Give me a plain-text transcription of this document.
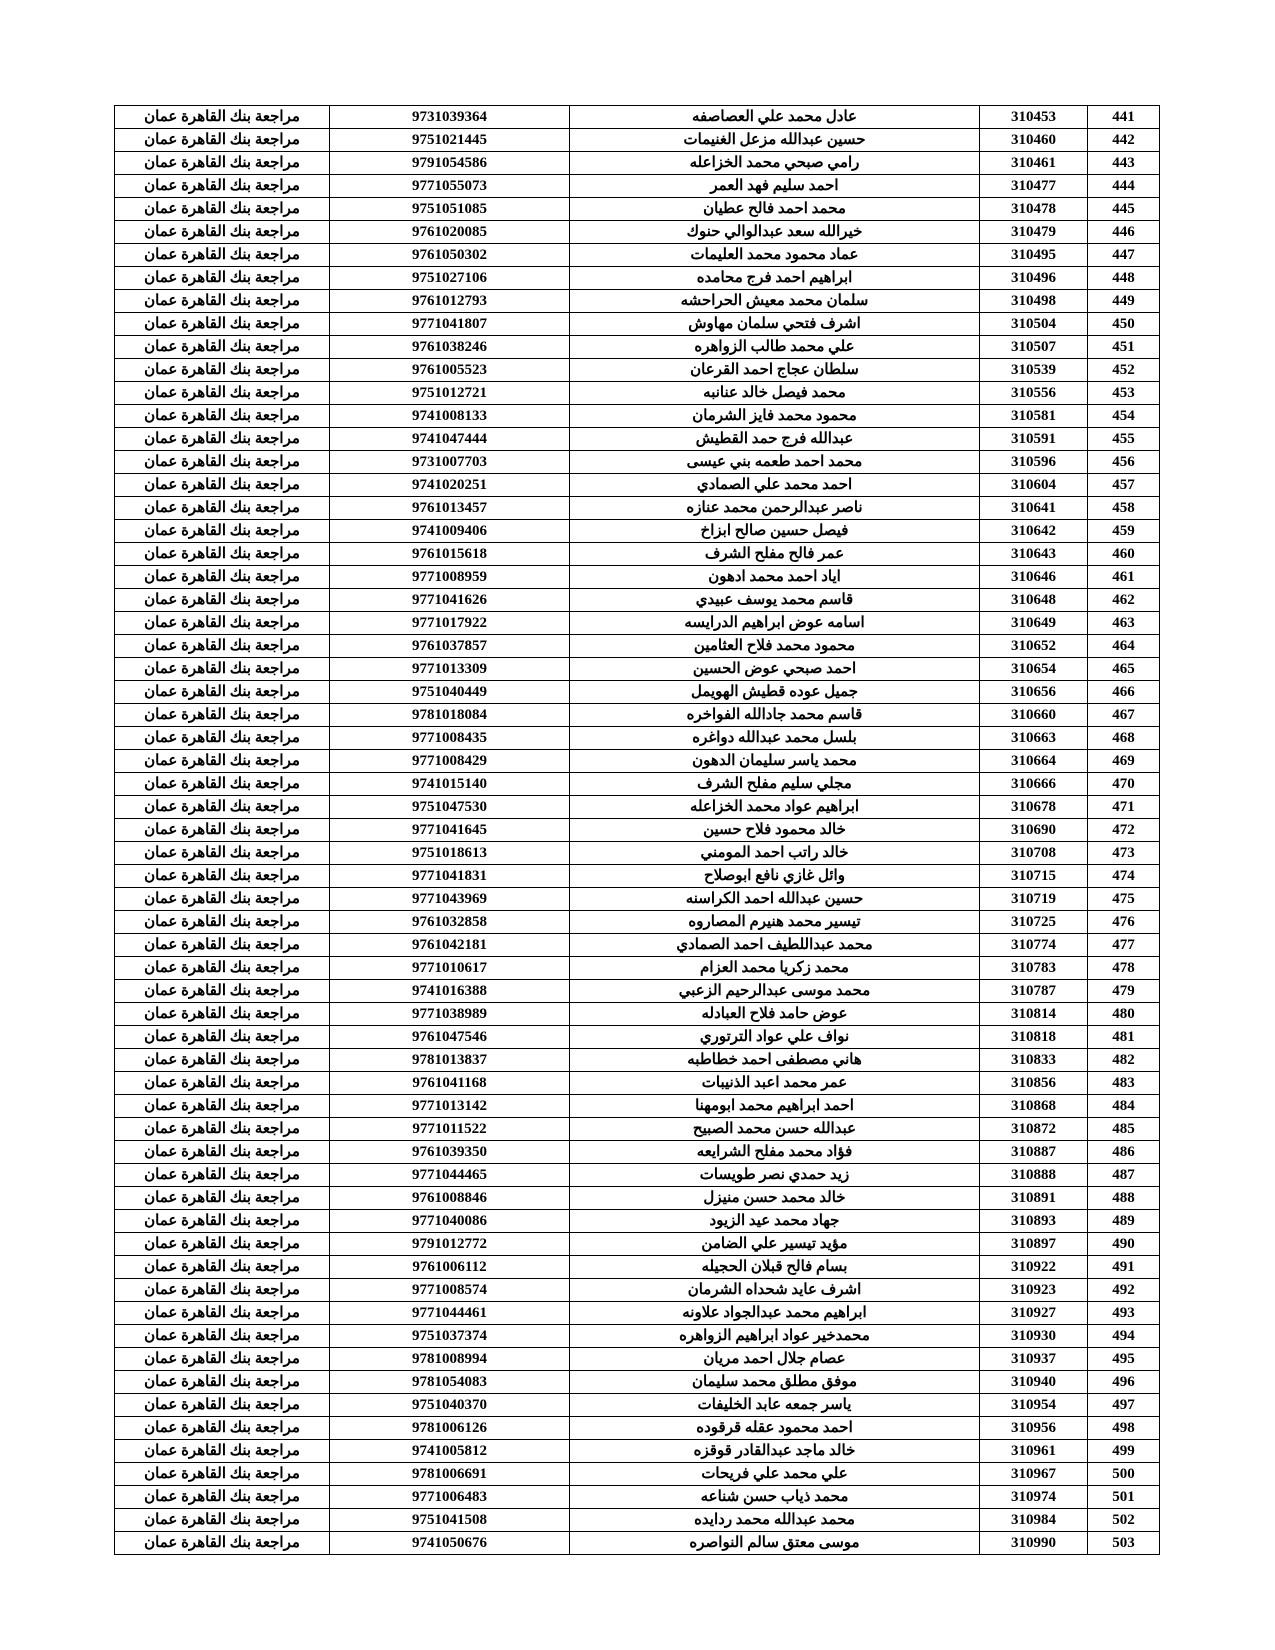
441	310453	عادل محمد علي العصاصفه	9731039364	مراجعة بنك القاهرة عمان
442	310460	حسين عبدالله مزعل الغنيمات	9751021445	مراجعة بنك القاهرة عمان
443	310461	رامي صبحي محمد الخزاعله	9791054586	مراجعة بنك القاهرة عمان
444	310477	احمد سليم فهد العمر	9771055073	مراجعة بنك القاهرة عمان
445	310478	محمد احمد فالح عطيان	9751051085	مراجعة بنك القاهرة عمان
446	310479	خيرالله سعد عبدالوالي حنوك	9761020085	مراجعة بنك القاهرة عمان
447	310495	عماد محمود محمد العليمات	9761050302	مراجعة بنك القاهرة عمان
448	310496	ابراهيم احمد فرج محامده	9751027106	مراجعة بنك القاهرة عمان
449	310498	سلمان محمد معيش الحراحشه	9761012793	مراجعة بنك القاهرة عمان
450	310504	اشرف فتحي سلمان مهاوش	9771041807	مراجعة بنك القاهرة عمان
451	310507	علي محمد طالب الزواهره	9761038246	مراجعة بنك القاهرة عمان
452	310539	سلطان عجاج احمد القرعان	9761005523	مراجعة بنك القاهرة عمان
453	310556	محمد فيصل خالد عنانبه	9751012721	مراجعة بنك القاهرة عمان
454	310581	محمود محمد فايز الشرمان	9741008133	مراجعة بنك القاهرة عمان
455	310591	عبدالله فرج حمد القطيش	9741047444	مراجعة بنك القاهرة عمان
456	310596	محمد احمد طعمه بني عيسى	9731007703	مراجعة بنك القاهرة عمان
457	310604	احمد محمد علي الصمادي	9741020251	مراجعة بنك القاهرة عمان
458	310641	ناصر عبدالرحمن محمد عنازه	9761013457	مراجعة بنك القاهرة عمان
459	310642	فيصل حسين صالح ابزاخ	9741009406	مراجعة بنك القاهرة عمان
460	310643	عمر فالح مفلح الشرف	9761015618	مراجعة بنك القاهرة عمان
461	310646	اياد احمد محمد ادهون	9771008959	مراجعة بنك القاهرة عمان
462	310648	قاسم محمد يوسف عبيدي	9771041626	مراجعة بنك القاهرة عمان
463	310649	اسامه عوض ابراهيم الدرايسه	9771017922	مراجعة بنك القاهرة عمان
464	310652	محمود محمد فلاح العثامين	9761037857	مراجعة بنك القاهرة عمان
465	310654	احمد صبحي عوض الحسين	9771013309	مراجعة بنك القاهرة عمان
466	310656	جميل عوده قطيش الهويمل	9751040449	مراجعة بنك القاهرة عمان
467	310660	قاسم محمد جادالله الفواخره	9781018084	مراجعة بنك القاهرة عمان
468	310663	بلسل محمد عبدالله دواغره	9771008435	مراجعة بنك القاهرة عمان
469	310664	محمد ياسر سليمان الدهون	9771008429	مراجعة بنك القاهرة عمان
470	310666	مجلي سليم مفلح الشرف	9741015140	مراجعة بنك القاهرة عمان
471	310678	ابراهيم عواد محمد الخزاعله	9751047530	مراجعة بنك القاهرة عمان
472	310690	خالد محمود فلاح حسين	9771041645	مراجعة بنك القاهرة عمان
473	310708	خالد راتب احمد المومني	9751018613	مراجعة بنك القاهرة عمان
474	310715	وائل غازي نافع ابوصلاح	9771041831	مراجعة بنك القاهرة عمان
475	310719	حسين عبدالله احمد الكراسنه	9771043969	مراجعة بنك القاهرة عمان
476	310725	تيسير محمد هنيرم المصاروه	9761032858	مراجعة بنك القاهرة عمان
477	310774	محمد عبداللطيف احمد الصمادي	9761042181	مراجعة بنك القاهرة عمان
478	310783	محمد زكريا محمد العزام	9771010617	مراجعة بنك القاهرة عمان
479	310787	محمد موسى عبدالرحيم الزعبي	9741016388	مراجعة بنك القاهرة عمان
480	310814	عوض حامد فلاح العبادله	9771038989	مراجعة بنك القاهرة عمان
481	310818	نواف علي عواد الترتوري	9761047546	مراجعة بنك القاهرة عمان
482	310833	هاني مصطفى احمد خطاطبه	9781013837	مراجعة بنك القاهرة عمان
483	310856	عمر محمد اعبد الذنيبات	9761041168	مراجعة بنك القاهرة عمان
484	310868	احمد ابراهيم محمد ابومهنا	9771013142	مراجعة بنك القاهرة عمان
485	310872	عبدالله حسن محمد الصبيح	9771011522	مراجعة بنك القاهرة عمان
486	310887	فؤاد محمد مفلح الشرايعه	9761039350	مراجعة بنك القاهرة عمان
487	310888	زيد حمدي نصر طويسات	9771044465	مراجعة بنك القاهرة عمان
488	310891	خالد محمد حسن منيزل	9761008846	مراجعة بنك القاهرة عمان
489	310893	جهاد محمد عيد الزيود	9771040086	مراجعة بنك القاهرة عمان
490	310897	مؤيد تيسير علي الضامن	9791012772	مراجعة بنك القاهرة عمان
491	310922	بسام فالح قبلان الحجيله	9761006112	مراجعة بنك القاهرة عمان
492	310923	اشرف عايد شحداه الشرمان	9771008574	مراجعة بنك القاهرة عمان
493	310927	ابراهيم محمد عبدالجواد علاونه	9771044461	مراجعة بنك القاهرة عمان
494	310930	محمدخير عواد ابراهيم الزواهره	9751037374	مراجعة بنك القاهرة عمان
495	310937	عصام جلال احمد مريان	9781008994	مراجعة بنك القاهرة عمان
496	310940	موفق مطلق محمد سليمان	9781054083	مراجعة بنك القاهرة عمان
497	310954	ياسر جمعه عابد الخليفات	9751040370	مراجعة بنك القاهرة عمان
498	310956	احمد محمود عقله قرقوده	9781006126	مراجعة بنك القاهرة عمان
499	310961	خالد ماجد عبدالقادر قوقزه	9741005812	مراجعة بنك القاهرة عمان
500	310967	علي محمد علي فريحات	9781006691	مراجعة بنك القاهرة عمان
501	310974	محمد ذياب حسن شناعه	9771006483	مراجعة بنك القاهرة عمان
502	310984	محمد عبدالله محمد ردايده	9751041508	مراجعة بنك القاهرة عمان
503	310990	موسى معتق سالم النواصره	9741050676	مراجعة بنك القاهرة عمان
